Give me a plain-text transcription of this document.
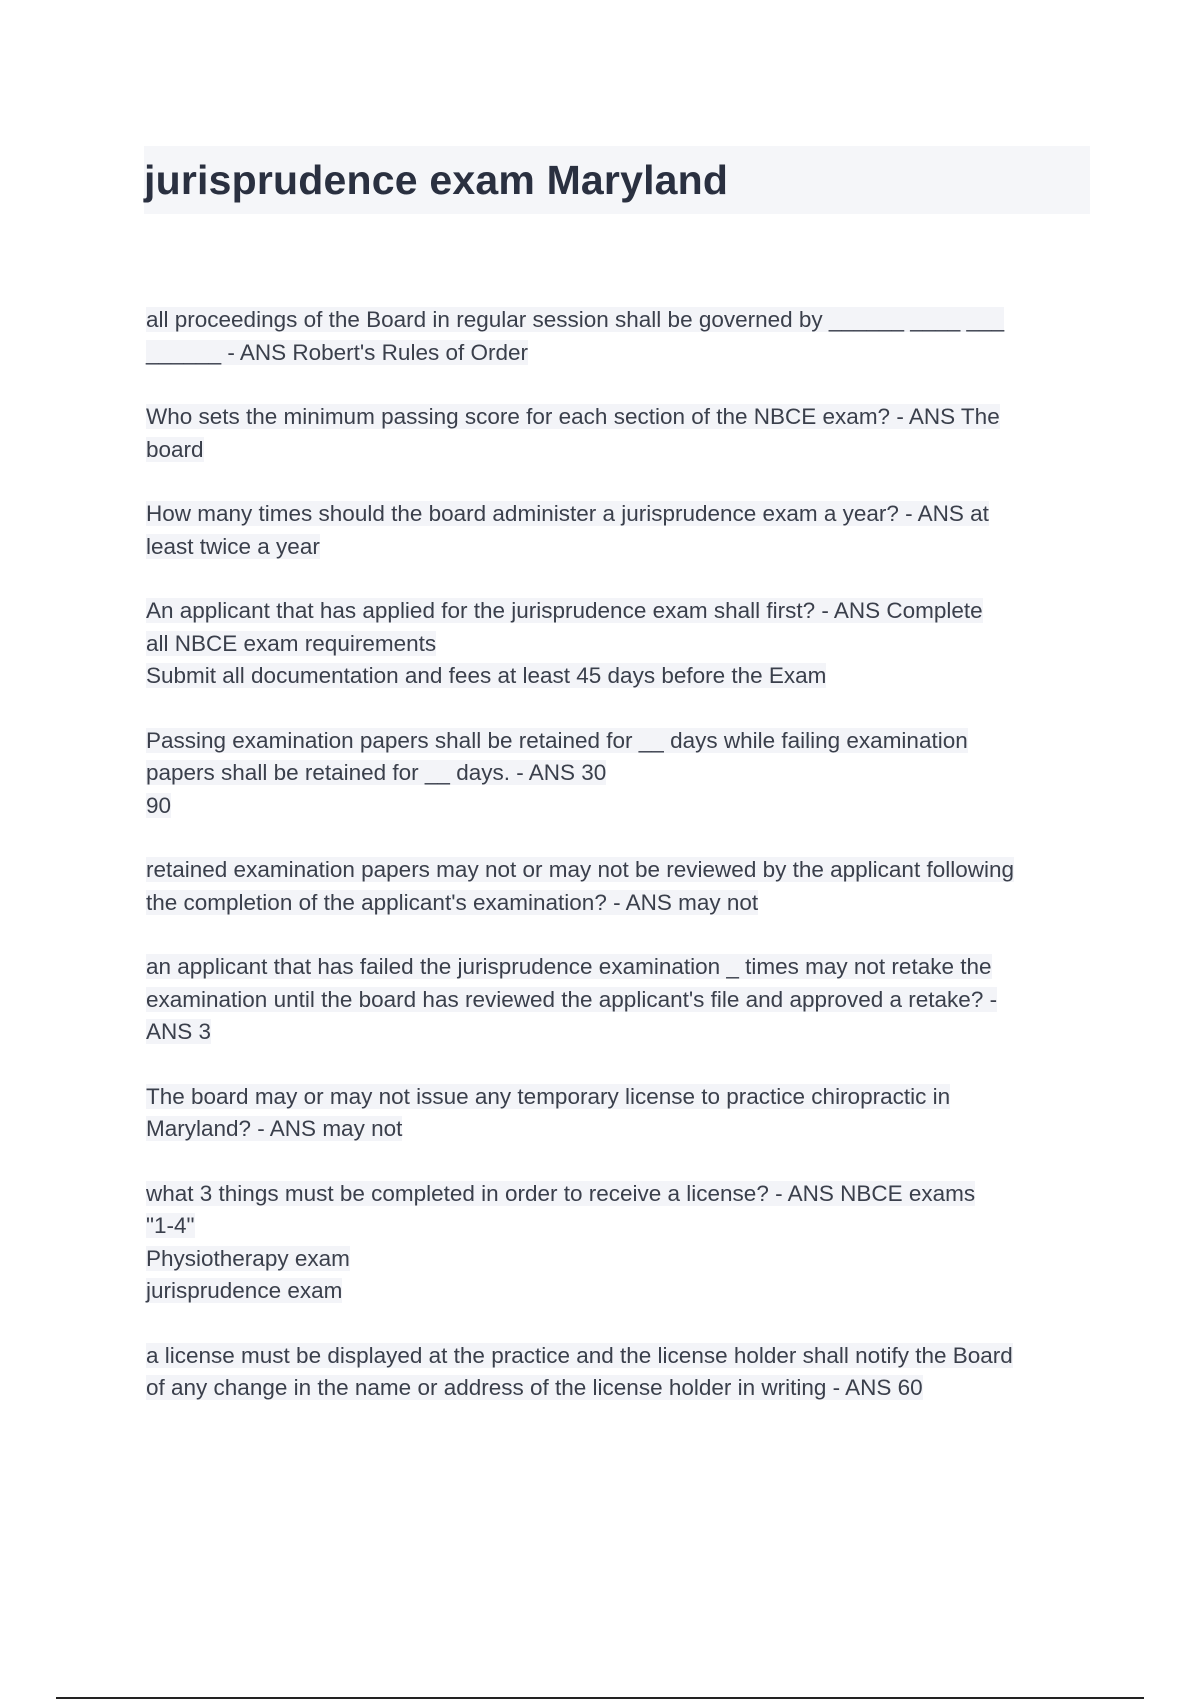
jurisprudence exam Maryland

all proceedings of the Board in regular session shall be governed by ______ ____ ___
______ - ANS Robert's Rules of Order

Who sets the minimum passing score for each section of the NBCE exam? - ANS The
board

How many times should the board administer a jurisprudence exam a year? - ANS at
least twice a year

An applicant that has applied for the jurisprudence exam shall first? - ANS Complete
all NBCE exam requirements
Submit all documentation and fees at least 45 days before the Exam

Passing examination papers shall be retained for __ days while failing examination
papers shall be retained for __ days. - ANS 30
90

retained examination papers may not or may not be reviewed by the applicant following
the completion of the applicant's examination? - ANS may not

an applicant that has failed the jurisprudence examination _ times may not retake the
examination until the board has reviewed the applicant's file and approved a retake? -
ANS 3

The board may or may not issue any temporary license to practice chiropractic in
Maryland? - ANS may not

what 3 things must be completed in order to receive a license? - ANS NBCE exams
"1-4"
Physiotherapy exam
jurisprudence exam

a license must be displayed at the practice and the license holder shall notify the Board
of any change in the name or address of the license holder in writing - ANS 60
